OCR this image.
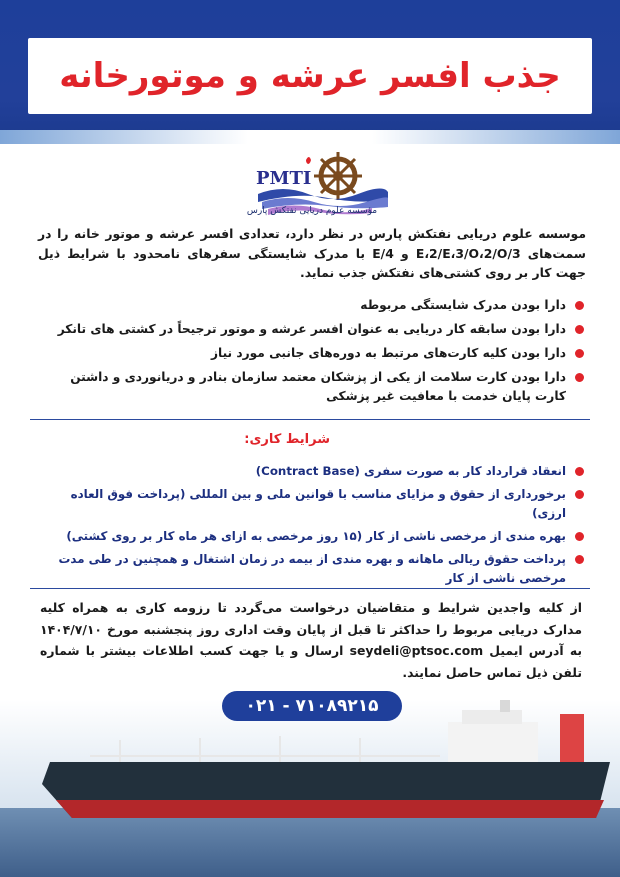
جذب افسر عرشه و موتورخانه
PMTI
مؤسسه علوم دریایی نفتکش پارس

موسسه علوم دریایی نفتکش پارس در نظر دارد، تعدادی افسر عرشه و موتور خانه را در سمت‌های 3/E،2/E،3/O،2/O و 4/E با مدرک شایستگی سفرهای نامحدود با شرایط ذیل جهت کار بر روی کشتی‌های نفتکش جذب نماید.

دارا بودن مدرک شایستگی مربوطه
دارا بودن سابقه کار دریایی به عنوان افسر عرشه و موتور ترجیحاً در کشتی های تانکر
دارا بودن کلیه کارت‌های مرتبط به دوره‌های جانبی مورد نیاز
دارا بودن کارت سلامت از یکی از پزشکان معتمد سازمان بنادر و دریانوردی و داشتن کارت پایان خدمت با معافیت غیر پزشکی
شرایط کاری:
انعقاد قرارداد کار به صورت سفری (Contract Base)
برخورداری از حقوق و مزایای مناسب با قوانین ملی و بین المللی (پرداخت فوق العاده ارزی)
بهره مندی از مرخصی ناشی از کار (۱۵ روز مرخصی به ازای هر ماه کار بر روی کشتی)
پرداخت حقوق ریالی ماهانه و بهره مندی از بیمه در زمان اشتغال و همچنین در طی مدت مرخصی ناشی از کار

از کلیه واجدین شرایط و متقاضیان درخواست می‌گردد تا رزومه کاری به همراه کلیه مدارک دریایی مربوط را حداکثر تا قبل از پایان وقت اداری روز پنجشنبه مورخ ۱۴۰۴/۷/۱۰ به آدرس ایمیل seydeli@ptsoc.com ارسال و یا جهت کسب اطلاعات بیشتر با شماره تلفن ذیل تماس حاصل نمایند.

۰۲۱ - ۷۱۰۸۹۲۱۵
